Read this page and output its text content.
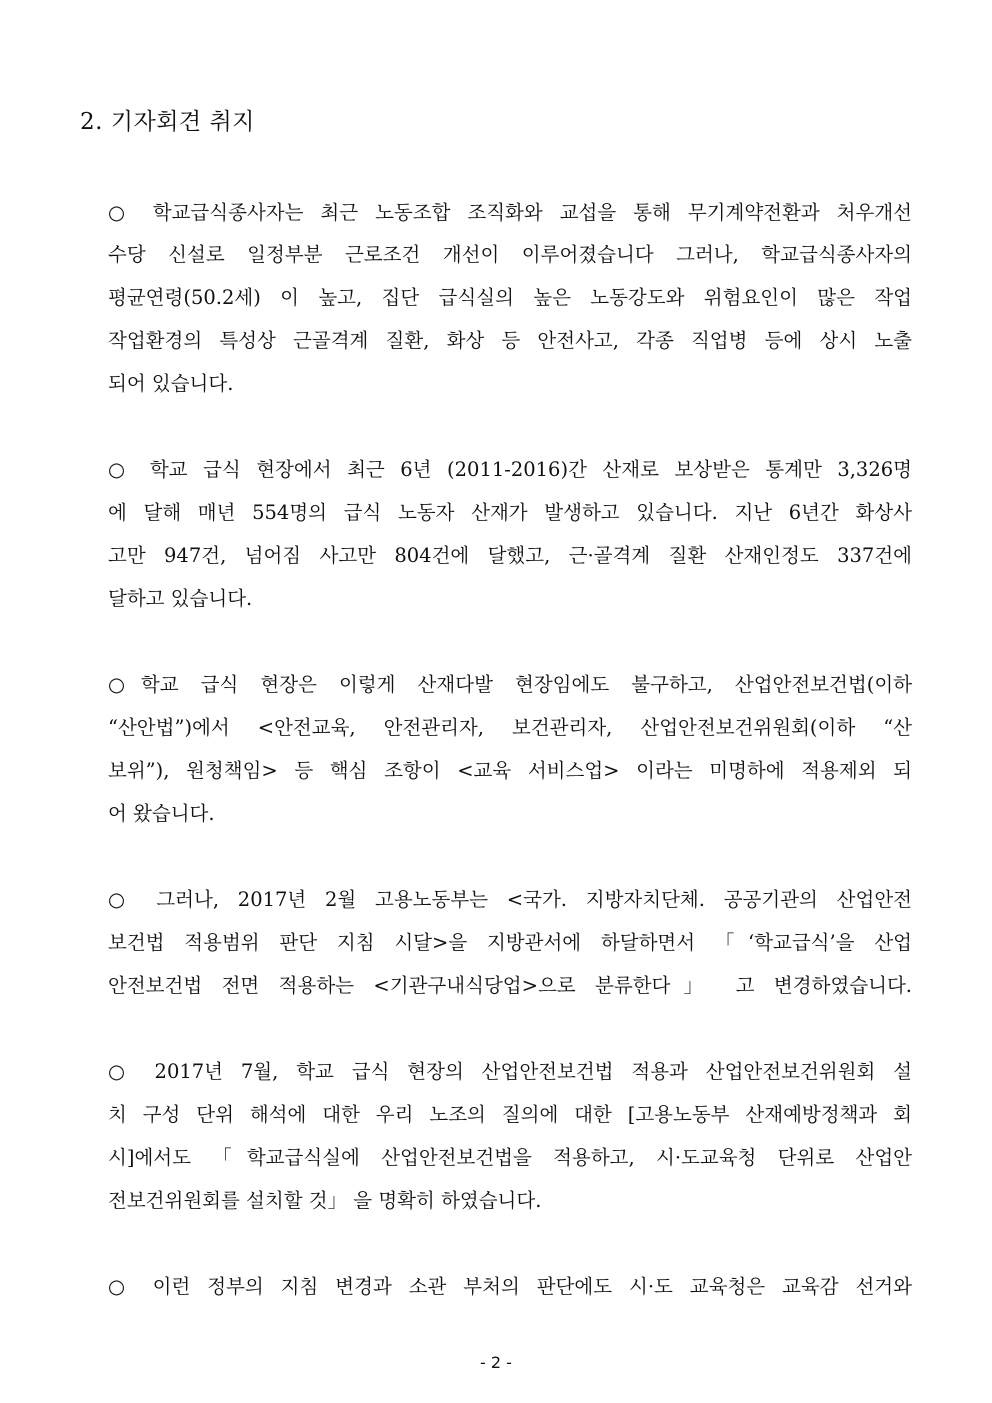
2. 기자회견 취지
○ 학교급식종사자는 최근 노동조합 조직화와 교섭을 통해 무기계약전환과 처우개선
수당 신설로 일정부분 근로조건 개선이 이루어졌습니다 그러나, 학교급식종사자의
평균연령(50.2세) 이 높고, 집단 급식실의 높은 노동강도와 위험요인이 많은 작업
작업환경의 특성상 근골격계 질환, 화상 등 안전사고, 각종 직업병 등에 상시 노출
되어 있습니다.
○ 학교 급식 현장에서 최근 6년 (2011-2016)간 산재로 보상받은 통계만 3,326명
에 달해 매년 554명의 급식 노동자 산재가 발생하고 있습니다. 지난 6년간 화상사
고만 947건, 넘어짐 사고만 804건에 달했고, 근·골격계 질환 산재인정도 337건에
달하고 있습니다.
○학교 급식 현장은 이렇게 산재다발 현장임에도 불구하고, 산업안전보건법(이하
“산안법”)에서 <안전교육, 안전관리자, 보건관리자, 산업안전보건위원회(이하 “산
보위”), 원청책임> 등 핵심 조항이 <교육 서비스업> 이라는 미명하에 적용제외 되
어 왔습니다.
○ 그러나, 2017년 2월 고용노동부는 <국가. 지방자치단체. 공공기관의 산업안전
보건법 적용범위 판단 지침 시달>을 지방관서에 하달하면서 「‘학교급식’을 산업
안전보건법 전면 적용하는 <기관구내식당업>으로 분류한다」 고 변경하였습니다.
○ 2017년 7월, 학교 급식 현장의 산업안전보건법 적용과 산업안전보건위원회 설
치 구성 단위 해석에 대한 우리 노조의 질의에 대한 [고용노동부 산재예방정책과 회
시]에서도 「학교급식실에 산업안전보건법을 적용하고, 시·도교육청 단위로 산업안
전보건위원회를 설치할 것」 을 명확히 하였습니다.
○ 이런 정부의 지침 변경과 소관 부처의 판단에도 시·도 교육청은 교육감 선거와
- 2 -
